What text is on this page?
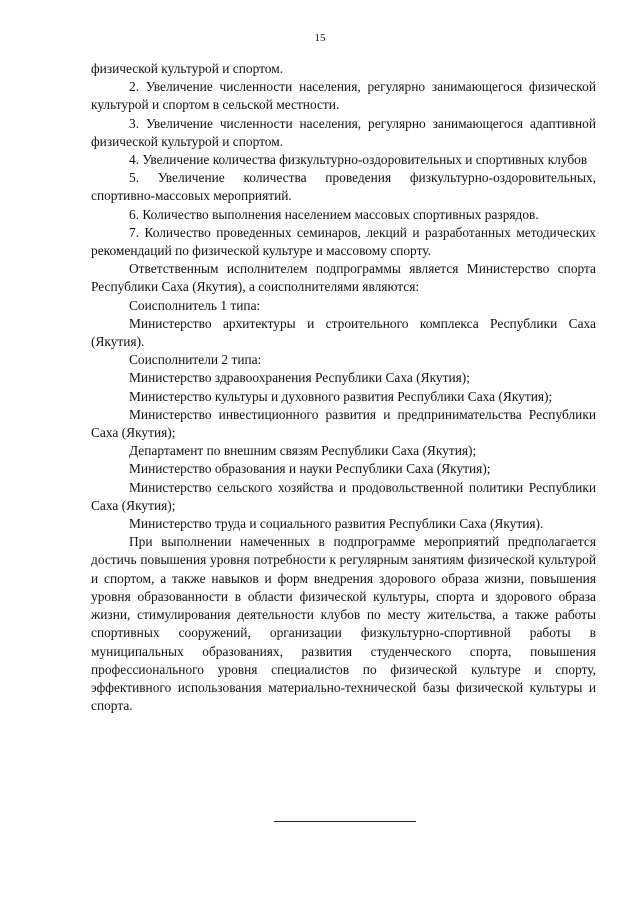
15

физической культурой и спортом.

2. Увеличение численности населения, регулярно занимающегося физической культурой и спортом в сельской местности.

3. Увеличение численности населения, регулярно занимающегося адаптивной физической культурой и спортом.

4. Увеличение количества физкультурно-оздоровительных и спортивных клубов

5. Увеличение количества проведения физкультурно-оздоровительных, спортивно-массовых мероприятий.

6. Количество выполнения населением массовых спортивных разрядов.

7. Количество проведенных семинаров, лекций и разработанных методических рекомендаций по физической культуре и массовому спорту.

Ответственным исполнителем подпрограммы является Министерство спорта Республики Саха (Якутия), а соисполнителями являются:

Соисполнитель 1 типа:

Министерство архитектуры и строительного комплекса Республики Саха (Якутия).

Соисполнители 2 типа:

Министерство здравоохранения Республики Саха (Якутия);

Министерство культуры и духовного развития Республики Саха (Якутия);

Министерство инвестиционного развития и предпринимательства Республики Саха (Якутия);

Департамент по внешним связям Республики Саха (Якутия);

Министерство образования и науки Республики Саха (Якутия);

Министерство сельского хозяйства и продовольственной политики Республики Саха (Якутия);

Министерство труда и социального развития Республики Саха (Якутия).

При выполнении намеченных в подпрограмме мероприятий предполагается достичь повышения уровня потребности к регулярным занятиям физической культурой и спортом, а также навыков и форм внедрения здорового образа жизни, повышения уровня образованности в области физической культуры, спорта и здорового образа жизни, стимулирования деятельности клубов по месту жительства, а также работы спортивных сооружений, организации физкультурно-спортивной работы в муниципальных образованиях, развития студенческого спорта, повышения профессионального уровня специалистов по физической культуре и спорту, эффективного использования материально-технической базы физической культуры и спорта.
